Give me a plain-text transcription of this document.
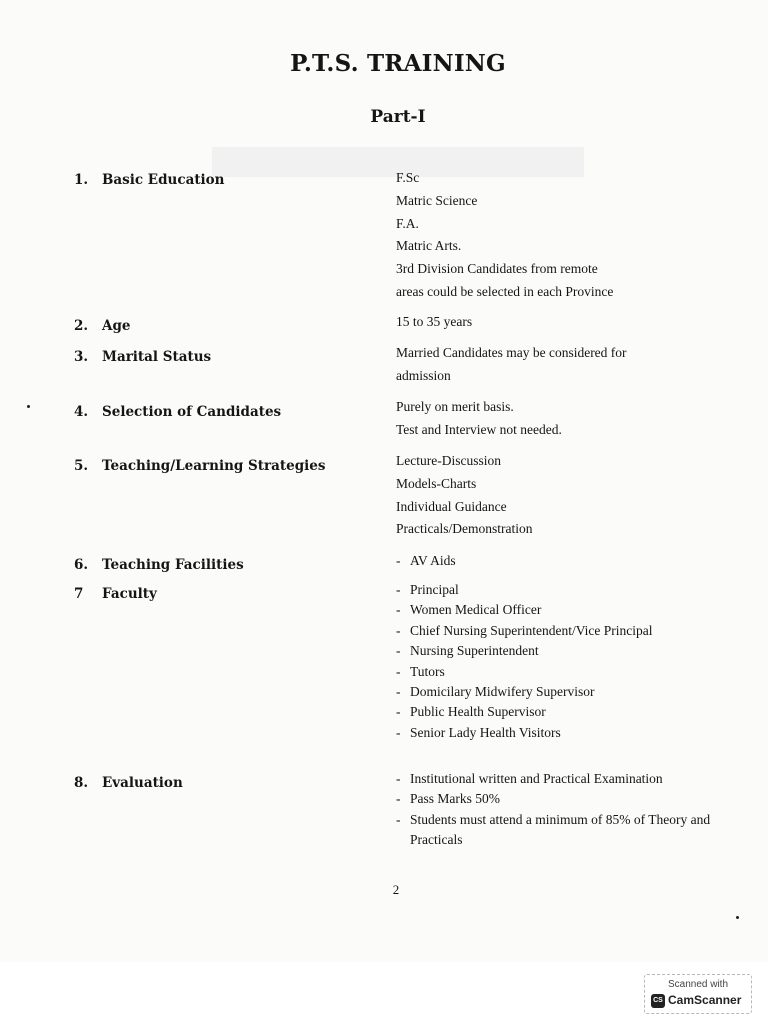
P.T.S. TRAINING
Part-I
1. Basic Education	F.Sc
Matric Science
F.A.
Matric Arts.
3rd Division Candidates from remote
areas could be selected in each Province
2. Age	15 to 35 years
3. Marital Status	Married Candidates may be considered for
admission
4. Selection of Candidates	Purely on merit basis.
Test and Interview not needed.
5. Teaching/Learning Strategies	Lecture-Discussion
Models-Charts
Individual Guidance
Practicals/Demonstration
6. Teaching Facilities	- AV Aids
7 Faculty	- Principal
- Women Medical Officer
- Chief Nursing Superintendent/Vice Principal
- Nursing Superintendent
- Tutors
- Domicilary Midwifery Supervisor
- Public Health Supervisor
- Senior Lady Health Visitors
8. Evaluation	- Institutional written and Practical Examination
- Pass Marks 50%
- Students must attend a minimum of 85% of Theory and Practicals
2
Scanned with
CS CamScanner
